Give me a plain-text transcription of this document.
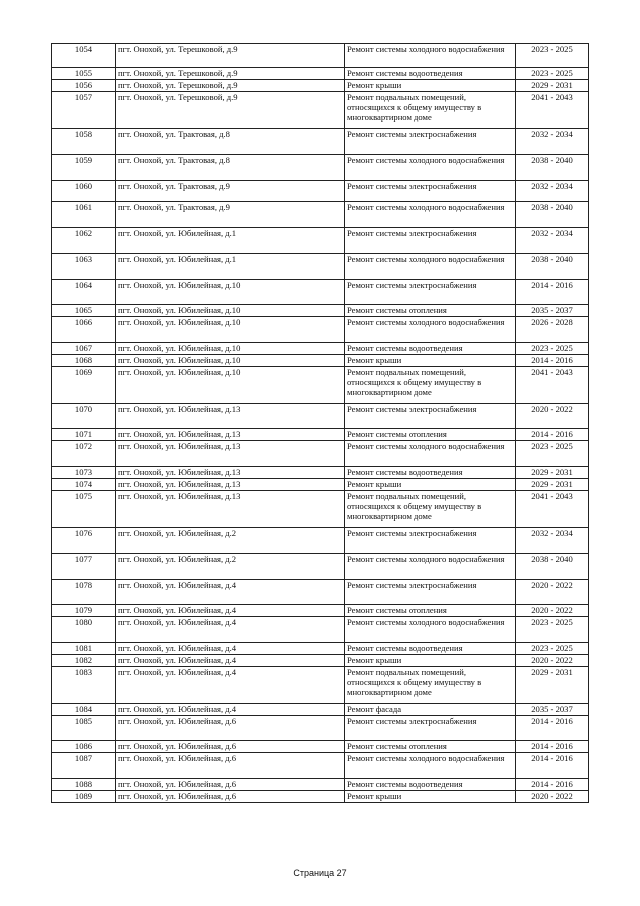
1054	пгт. Онохой, ул. Терешковой, д.9	Ремонт системы холодного водоснабжения	2023 - 2025
1055	пгт. Онохой, ул. Терешковой, д.9	Ремонт системы водоотведения	2023 - 2025
1056	пгт. Онохой, ул. Терешковой, д.9	Ремонт крыши	2029 - 2031
1057	пгт. Онохой, ул. Терешковой, д.9	Ремонт подвальных помещений, относящихся к общему имуществу в многоквартирном доме	2041 - 2043
1058	пгт. Онохой, ул. Трактовая, д.8	Ремонт системы электроснабжения	2032 - 2034
1059	пгт. Онохой, ул. Трактовая, д.8	Ремонт системы холодного водоснабжения	2038 - 2040
1060	пгт. Онохой, ул. Трактовая, д.9	Ремонт системы электроснабжения	2032 - 2034
1061	пгт. Онохой, ул. Трактовая, д.9	Ремонт системы холодного водоснабжения	2038 - 2040
1062	пгт. Онохой, ул. Юбилейная, д.1	Ремонт системы электроснабжения	2032 - 2034
1063	пгт. Онохой, ул. Юбилейная, д.1	Ремонт системы холодного водоснабжения	2038 - 2040
1064	пгт. Онохой, ул. Юбилейная, д.10	Ремонт системы электроснабжения	2014 - 2016
1065	пгт. Онохой, ул. Юбилейная, д.10	Ремонт системы отопления	2035 - 2037
1066	пгт. Онохой, ул. Юбилейная, д.10	Ремонт системы холодного водоснабжения	2026 - 2028
1067	пгт. Онохой, ул. Юбилейная, д.10	Ремонт системы водоотведения	2023 - 2025
1068	пгт. Онохой, ул. Юбилейная, д.10	Ремонт крыши	2014 - 2016
1069	пгт. Онохой, ул. Юбилейная, д.10	Ремонт подвальных помещений, относящихся к общему имуществу в многоквартирном доме	2041 - 2043
1070	пгт. Онохой, ул. Юбилейная, д.13	Ремонт системы электроснабжения	2020 - 2022
1071	пгт. Онохой, ул. Юбилейная, д.13	Ремонт системы отопления	2014 - 2016
1072	пгт. Онохой, ул. Юбилейная, д.13	Ремонт системы холодного водоснабжения	2023 - 2025
1073	пгт. Онохой, ул. Юбилейная, д.13	Ремонт системы водоотведения	2029 - 2031
1074	пгт. Онохой, ул. Юбилейная, д.13	Ремонт крыши	2029 - 2031
1075	пгт. Онохой, ул. Юбилейная, д.13	Ремонт подвальных помещений, относящихся к общему имуществу в многоквартирном доме	2041 - 2043
1076	пгт. Онохой, ул. Юбилейная, д.2	Ремонт системы электроснабжения	2032 - 2034
1077	пгт. Онохой, ул. Юбилейная, д.2	Ремонт системы холодного водоснабжения	2038 - 2040
1078	пгт. Онохой, ул. Юбилейная, д.4	Ремонт системы электроснабжения	2020 - 2022
1079	пгт. Онохой, ул. Юбилейная, д.4	Ремонт системы отопления	2020 - 2022
1080	пгт. Онохой, ул. Юбилейная, д.4	Ремонт системы холодного водоснабжения	2023 - 2025
1081	пгт. Онохой, ул. Юбилейная, д.4	Ремонт системы водоотведения	2023 - 2025
1082	пгт. Онохой, ул. Юбилейная, д.4	Ремонт крыши	2020 - 2022
1083	пгт. Онохой, ул. Юбилейная, д.4	Ремонт подвальных помещений, относящихся к общему имуществу в многоквартирном доме	2029 - 2031
1084	пгт. Онохой, ул. Юбилейная, д.4	Ремонт фасада	2035 - 2037
1085	пгт. Онохой, ул. Юбилейная, д.6	Ремонт системы электроснабжения	2014 - 2016
1086	пгт. Онохой, ул. Юбилейная, д.6	Ремонт системы отопления	2014 - 2016
1087	пгт. Онохой, ул. Юбилейная, д.6	Ремонт системы холодного водоснабжения	2014 - 2016
1088	пгт. Онохой, ул. Юбилейная, д.6	Ремонт системы водоотведения	2014 - 2016
1089	пгт. Онохой, ул. Юбилейная, д.6	Ремонт крыши	2020 - 2022
Страница 27
